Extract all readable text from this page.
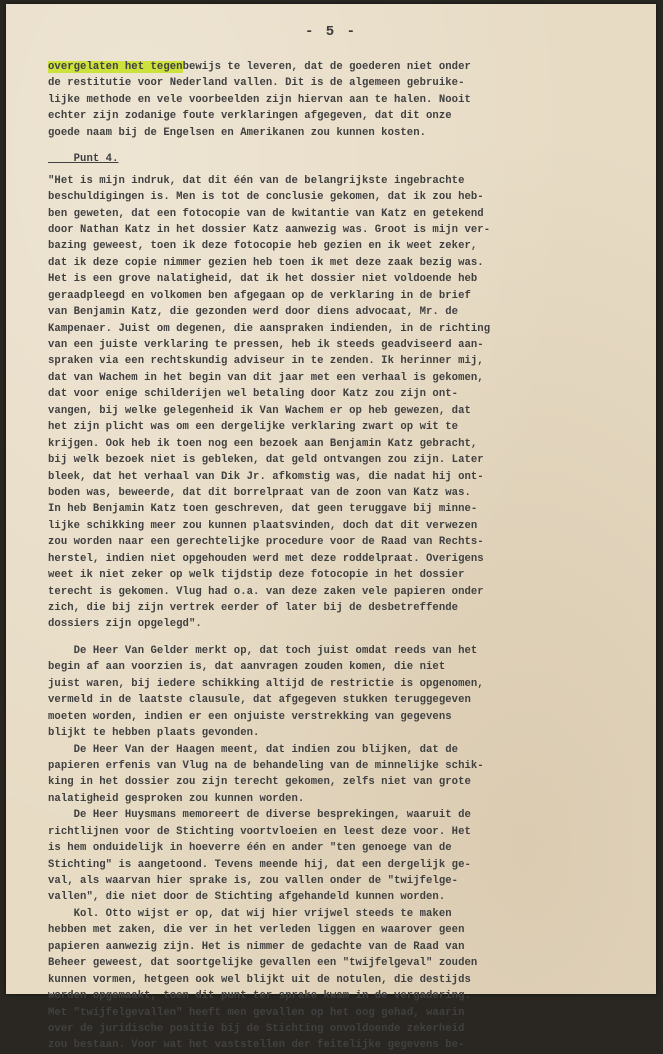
- 5 -
overgelaten het tegenbewijs te leveren, dat de goederen niet onder
de restitutie voor Nederland vallen. Dit is de algemeen gebruike-
lijke methode en vele voorbeelden zijn hiervan aan te halen. Nooit
echter zijn zodanige foute verklaringen afgegeven, dat dit onze
goede naam bij de Engelsen en Amerikanen zou kunnen kosten.
Punt 4.
"Het is mijn indruk, dat dit één van de belangrijkste ingebrachte
beschuldigingen is. Men is tot de conclusie gekomen, dat ik zou heb-
ben geweten, dat een fotocopie van de kwitantie van Katz en getekend
door Nathan Katz in het dossier Katz aanwezig was. Groot is mijn ver-
bazing geweest, toen ik deze fotocopie heb gezien en ik weet zeker,
dat ik deze copie nimmer gezien heb toen ik met deze zaak bezig was.
Het is een grove nalatigheid, dat ik het dossier niet voldoende heb
geraadpleegd en volkomen ben afgegaan op de verklaring in de brief
van Benjamin Katz, die gezonden werd door diens advocaat, Mr. de
Kampenaer. Juist om degenen, die aanspraken indienden, in de richting
van een juiste verklaring te pressen, heb ik steeds geadviseerd aan-
spraken via een rechtskundig adviseur in te zenden. Ik herinner mij,
dat van Wachem in het begin van dit jaar met een verhaal is gekomen,
dat voor enige schilderijen wel betaling door Katz zou zijn ont-
vangen, bij welke gelegenheid ik Van Wachem er op heb gewezen, dat
het zijn plicht was om een dergelijke verklaring zwart op wit te
krijgen. Ook heb ik toen nog een bezoek aan Benjamin Katz gebracht,
bij welk bezoek niet is gebleken, dat geld ontvangen zou zijn. Later
bleek, dat het verhaal van Dik Jr. afkomstig was, die nadat hij ont-
boden was, beweerde, dat dit borrelpraat van de zoon van Katz was.
In heb Benjamin Katz toen geschreven, dat geen teruggave bij minne-
lijke schikking meer zou kunnen plaatsvinden, doch dat dit verwezen
zou worden naar een gerechtelijke procedure voor de Raad van Rechts-
herstel, indien niet opgehouden werd met deze roddelpraat. Overigens
weet ik niet zeker op welk tijdstip deze fotocopie in het dossier
terecht is gekomen. Vlug had o.a. van deze zaken vele papieren onder
zich, die bij zijn vertrek eerder of later bij de desbetreffende
dossiers zijn opgelegd".
De Heer Van Gelder merkt op, dat toch juist omdat reeds van het
begin af aan voorzien is, dat aanvragen zouden komen, die niet
juist waren, bij iedere schikking altijd de restrictie is opgenomen,
vermeld in de laatste clausule, dat afgegeven stukken teruggegeven
moeten worden, indien er een onjuiste verstrekking van gegevens
blijkt te hebben plaats gevonden.
De Heer Van der Haagen meent, dat indien zou blijken, dat de
papieren erfenis van Vlug na de behandeling van de minnelijke schik-
king in het dossier zou zijn terecht gekomen, zelfs niet van grote
nalatigheid gesproken zou kunnen worden.
De Heer Huysmans memoreert de diverse besprekingen, waaruit de
richtlijnen voor de Stichting voortvloeien en leest deze voor. Het
is hem onduidelijk in hoeverre één en ander "ten genoege van de
Stichting" is aangetoond. Tevens meende hij, dat een dergelijk ge-
val, als waarvan hier sprake is, zou vallen onder de "twijfelge-
vallen", die niet door de Stichting afgehandeld kunnen worden.
Kol. Otto wijst er op, dat wij hier vrijwel steeds te maken
hebben met zaken, die ver in het verleden liggen en waarover geen
papieren aanwezig zijn. Het is nimmer de gedachte van de Raad van
Beheer geweest, dat soortgelijke gevallen een "twijfelgeval" zouden
kunnen vormen, hetgeen ook wel blijkt uit de notulen, die destijds
worden opgemaakt, toen dit punt ter sprake kwam in de vergadering.
Met "twijfelgevallen" heeft men gevallen op het oog gehad, waarin
over de juridische positie bij de Stichting onvoldoende zekerheid
zou bestaan. Voor wat het vaststellen der feitelijke gegevens be-
